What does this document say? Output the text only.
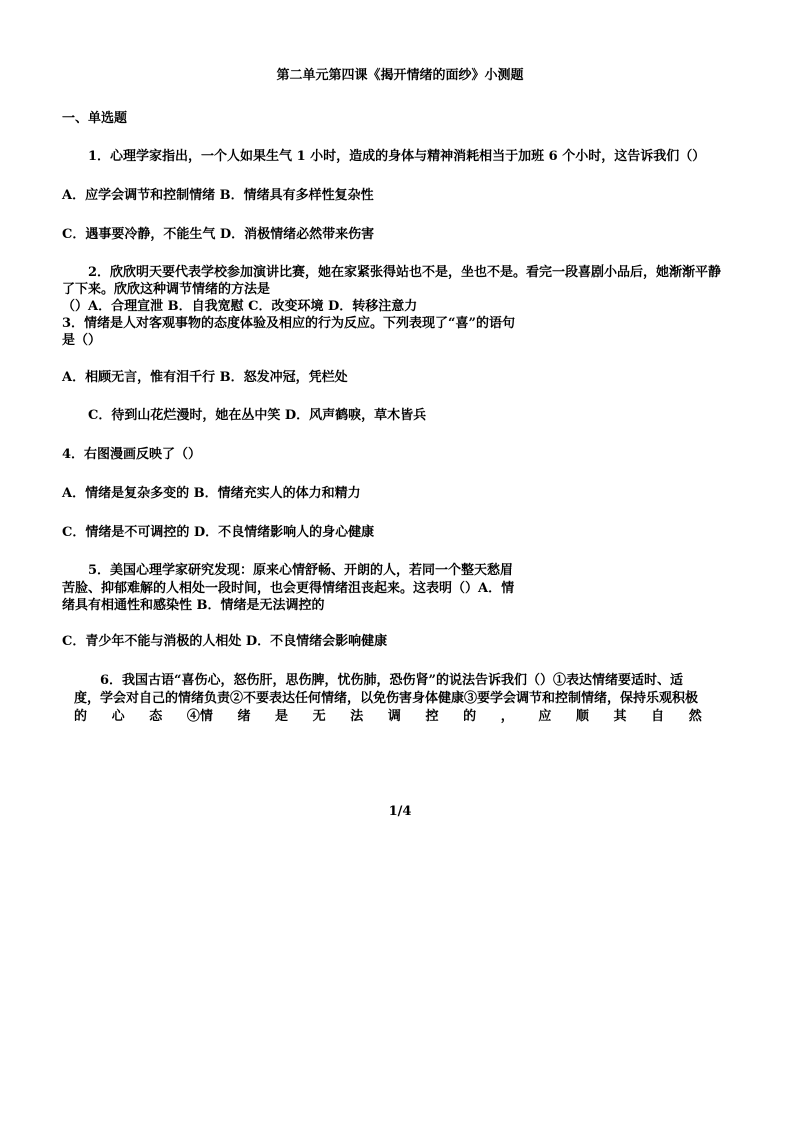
第二单元第四课《揭开情绪的面纱》小测题
一、单选题
1．心理学家指出，一个人如果生气 1 小时，造成的身体与精神消耗相当于加班 6 个小时，这告诉我们（）
A．应学会调节和控制情绪 B．情绪具有多样性复杂性
C．遇事要冷静，不能生气 D．消极情绪必然带来伤害
2．欣欣明天要代表学校参加演讲比赛，她在家紧张得站也不是，坐也不是。看完一段喜剧小品后，她渐渐平静
了下来。欣欣这种调节情绪的方法是
（）A．合理宣泄 B．自我宽慰 C．改变环境 D．转移注意力
3．情绪是人对客观事物的态度体验及相应的行为反应。下列表现了“喜”的语句
是（）
A．相顾无言，惟有泪千行 B．怒发冲冠，凭栏处
C．待到山花烂漫时，她在丛中笑 D．风声鹤唳，草木皆兵
4．右图漫画反映了（）
A．情绪是复杂多变的 B．情绪充实人的体力和精力
C．情绪是不可调控的 D．不良情绪影响人的身心健康
5．美国心理学家研究发现：原来心情舒畅、开朗的人，若同一个整天愁眉
苦脸、抑郁难解的人相处一段时间，也会更得情绪沮丧起来。这表明（）A．情
绪具有相通性和感染性 B．情绪是无法调控的
C．青少年不能与消极的人相处 D．不良情绪会影响健康
6．我国古语“喜伤心，怒伤肝，思伤脾，忧伤肺，恐伤肾”的说法告诉我们（）①表达情绪要适时、适
度，学会对自己的情绪负责②不要表达任何情绪，以免伤害身体健康③要学会调节和控制情绪，保持乐观积极
的 心 态 ④情 绪 是 无 法 调 控 的 ， 应 顺 其 自 然
1/4
